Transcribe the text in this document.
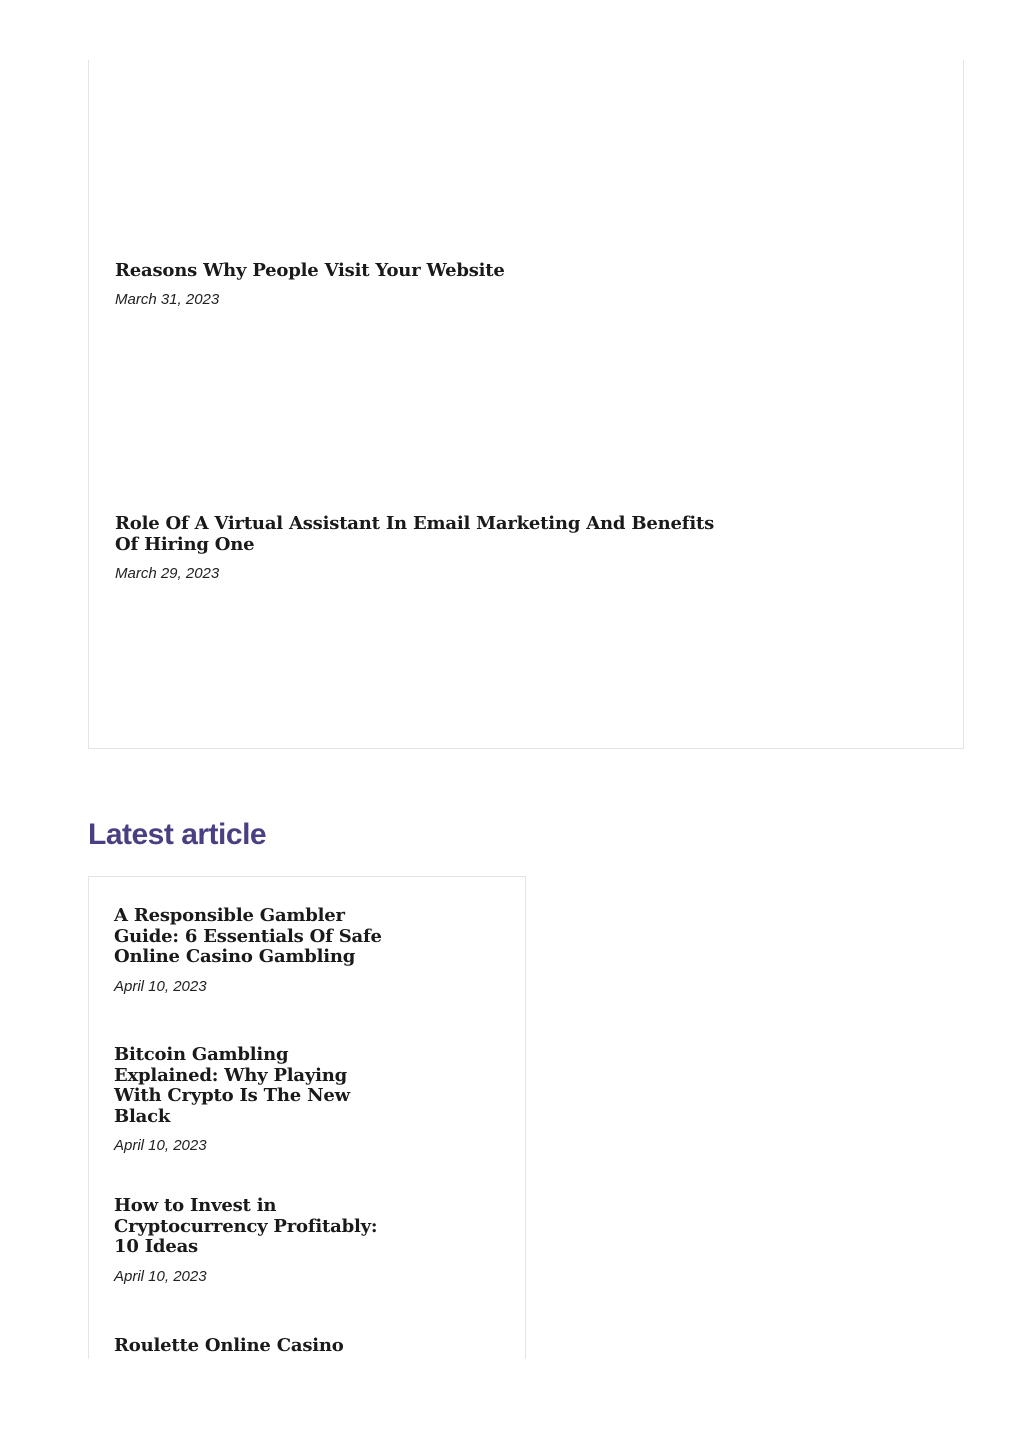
Reasons Why People Visit Your Website
March 31, 2023
Role Of A Virtual Assistant In Email Marketing And Benefits Of Hiring One
March 29, 2023
Latest article
A Responsible Gambler Guide: 6 Essentials Of Safe Online Casino Gambling
April 10, 2023
Bitcoin Gambling Explained: Why Playing With Crypto Is The New Black
April 10, 2023
How to Invest in Cryptocurrency Profitably: 10 Ideas
April 10, 2023
Roulette Online Casino
